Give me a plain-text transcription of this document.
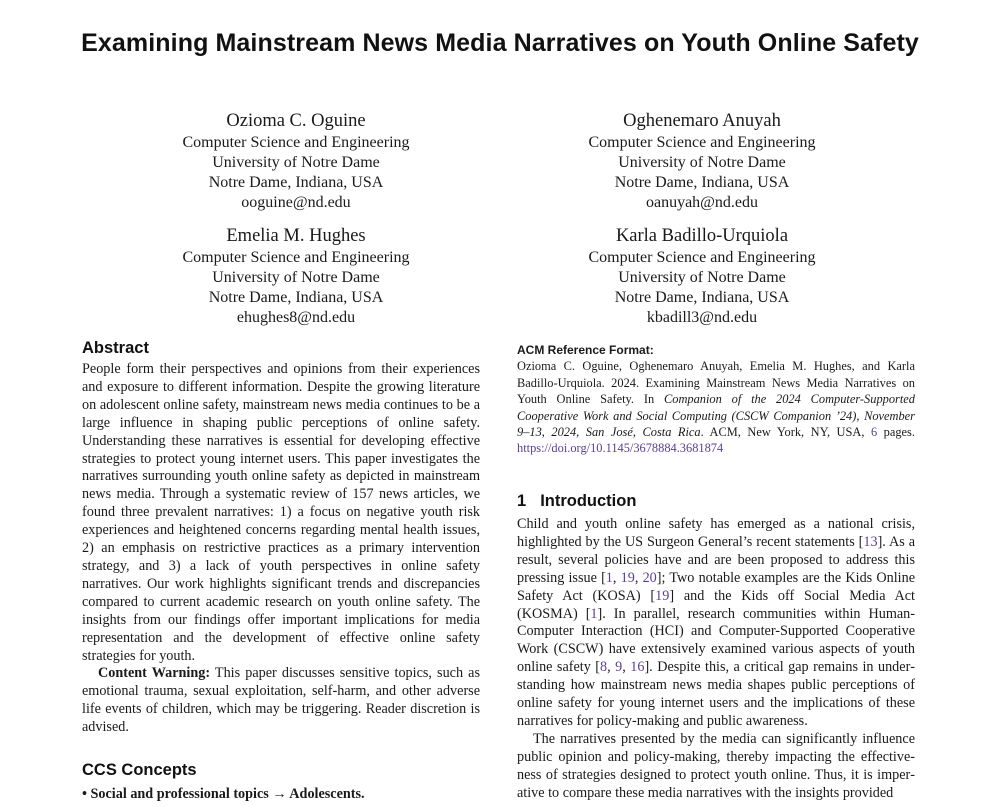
Examining Mainstream News Media Narratives on Youth Online Safety
Ozioma C. Oguine
Computer Science and Engineering
University of Notre Dame
Notre Dame, Indiana, USA
ooguine@nd.edu
Oghenemaro Anuyah
Computer Science and Engineering
University of Notre Dame
Notre Dame, Indiana, USA
oanuyah@nd.edu
Emelia M. Hughes
Computer Science and Engineering
University of Notre Dame
Notre Dame, Indiana, USA
ehughes8@nd.edu
Karla Badillo-Urquiola
Computer Science and Engineering
University of Notre Dame
Notre Dame, Indiana, USA
kbadill3@nd.edu
Abstract

People form their perspectives and opinions from their experiences and exposure to different information. Despite the growing literature on adolescent online safety, mainstream news media continues to be a large influence in shaping public perceptions of online safety. Understanding these narratives is essential for developing effective strategies to protect young internet users. This paper investigates the narratives surrounding youth online safety as depicted in mainstream news media. Through a systematic review of 157 news articles, we found three prevalent narratives: 1) a focus on negative youth risk experiences and heightened concerns regarding mental health issues, 2) an emphasis on restrictive practices as a primary intervention strategy, and 3) a lack of youth perspectives in online safety narratives. Our work highlights significant trends and discrepancies compared to current academic research on youth online safety. The insights from our findings offer important implications for media representation and the development of effective online safety strategies for youth.

Content Warning: This paper discusses sensitive topics, such as emotional trauma, sexual exploitation, self-harm, and other adverse life events of children, which may be triggering. Reader discretion is advised.

CCS Concepts
• Social and professional topics → Adolescents.
ACM Reference Format:
Ozioma C. Oguine, Oghenemaro Anuyah, Emelia M. Hughes, and Karla Badillo-Urquiola. 2024. Examining Mainstream News Media Narratives on Youth Online Safety. In Companion of the 2024 Computer-Supported Cooperative Work and Social Computing (CSCW Companion ’24), November 9–13, 2024, San José, Costa Rica. ACM, New York, NY, USA, 6 pages. https://doi.org/10.1145/3678884.3681874
1 Introduction

Child and youth online safety has emerged as a national crisis, highlighted by the US Surgeon General’s recent statements [13]. As a result, several policies have and are been proposed to address this pressing issue [1, 19, 20]; Two notable examples are the Kids Online Safety Act (KOSA) [19] and the Kids off Social Media Act (KOSMA) [1]. In parallel, research communities within Human-Computer Interaction (HCI) and Computer-Supported Cooperative Work (CSCW) have extensively examined various aspects of youth online safety [8, 9, 16]. Despite this, a critical gap remains in understanding how mainstream news media shapes public perceptions of online safety for young internet users and the implications of these narratives for policy-making and public awareness.

The narratives presented by the media can significantly influence public opinion and policy-making, thereby impacting the effectiveness of strategies designed to protect youth online. Thus, it is imperative to compare these media narratives with the insights provided
